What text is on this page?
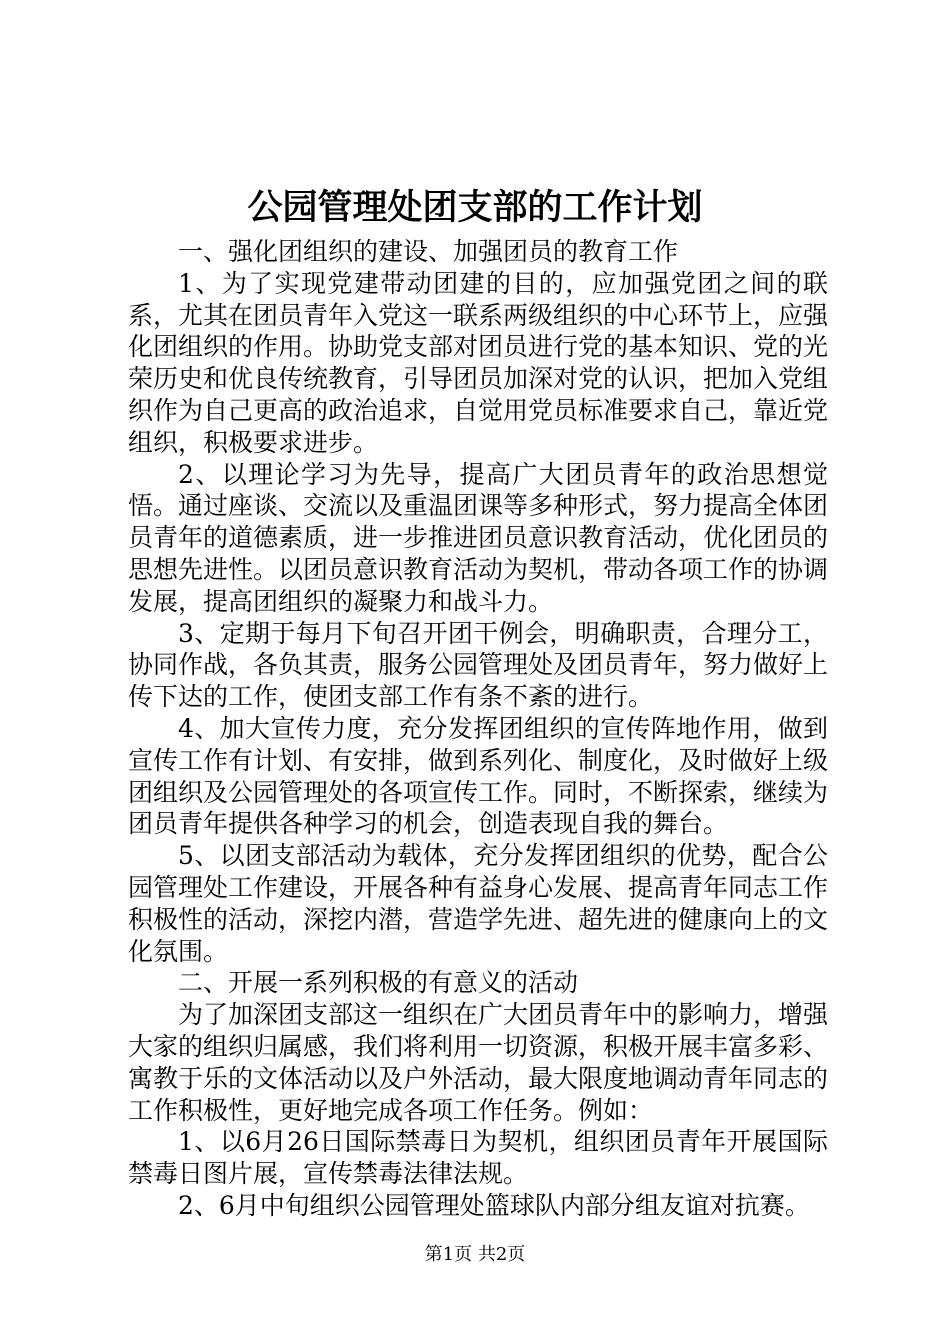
公园管理处团支部的工作计划

一、强化团组织的建设、加强团员的教育工作

1、为了实现党建带动团建的目的，应加强党团之间的联系，尤其在团员青年入党这一联系两级组织的中心环节上，应强化团组织的作用。协助党支部对团员进行党的基本知识、党的光荣历史和优良传统教育，引导团员加深对党的认识，把加入党组织作为自己更高的政治追求，自觉用党员标准要求自己，靠近党组织，积极要求进步。

2、以理论学习为先导，提高广大团员青年的政治思想觉悟。通过座谈、交流以及重温团课等多种形式，努力提高全体团员青年的道德素质，进一步推进团员意识教育活动，优化团员的思想先进性。以团员意识教育活动为契机，带动各项工作的协调发展，提高团组织的凝聚力和战斗力。

3、定期于每月下旬召开团干例会，明确职责，合理分工，协同作战，各负其责，服务公园管理处及团员青年，努力做好上传下达的工作，使团支部工作有条不紊的进行。

4、加大宣传力度，充分发挥团组织的宣传阵地作用，做到宣传工作有计划、有安排，做到系列化、制度化，及时做好上级团组织及公园管理处的各项宣传工作。同时，不断探索，继续为团员青年提供各种学习的机会，创造表现自我的舞台。

5、以团支部活动为载体，充分发挥团组织的优势，配合公园管理处工作建设，开展各种有益身心发展、提高青年同志工作积极性的活动，深挖内潜，营造学先进、超先进的健康向上的文化氛围。

二、开展一系列积极的有意义的活动

为了加深团支部这一组织在广大团员青年中的影响力，增强大家的组织归属感，我们将利用一切资源，积极开展丰富多彩、寓教于乐的文体活动以及户外活动，最大限度地调动青年同志的工作积极性，更好地完成各项工作任务。例如：

1、以6月26日国际禁毒日为契机，组织团员青年开展国际禁毒日图片展，宣传禁毒法律法规。

2、6月中旬组织公园管理处篮球队内部分组友谊对抗赛。

第1页 共2页
